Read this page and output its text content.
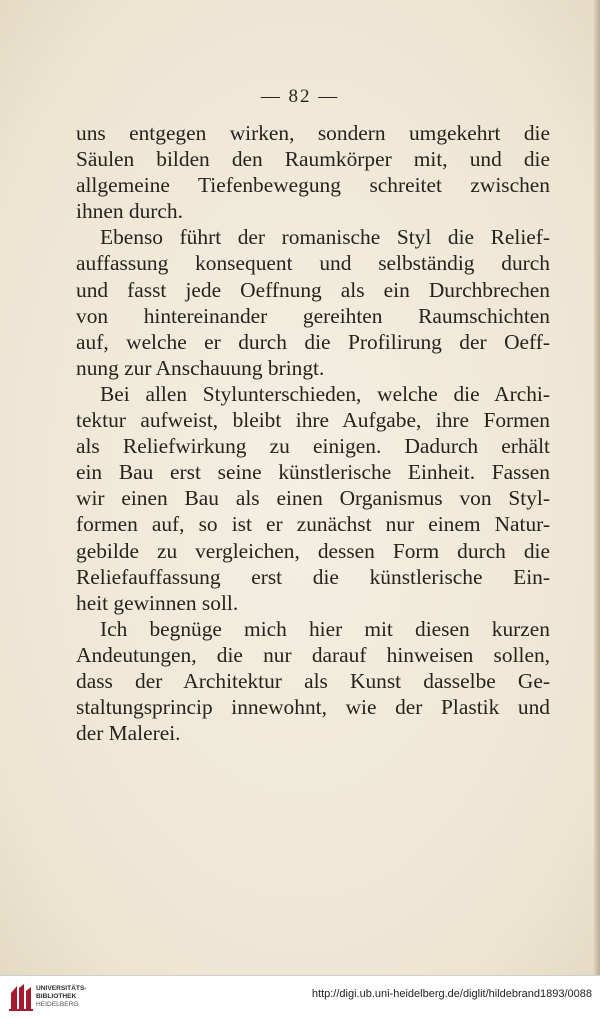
— 82 —

uns entgegen wirken, sondern umgekehrt die

Säulen bilden den Raumkörper mit, und die

allgemeine Tiefenbewegung schreitet zwischen

ihnen durch.

Ebenso führt der romanische Styl die Relief-

auffassung konsequent und selbständig durch

und fasst jede Oeffnung als ein Durchbrechen

von hintereinander gereihten Raumschichten

auf, welche er durch die Profilirung der Oeff-

nung zur Anschauung bringt.

Bei allen Stylunterschieden, welche die Archi-

tektur aufweist, bleibt ihre Aufgabe, ihre Formen

als Reliefwirkung zu einigen. Dadurch erhält

ein Bau erst seine künstlerische Einheit. Fassen

wir einen Bau als einen Organismus von Styl-

formen auf, so ist er zunächst nur einem Natur-

gebilde zu vergleichen, dessen Form durch die

Reliefauffassung erst die künstlerische Ein-

heit gewinnen soll.

Ich begnüge mich hier mit diesen kurzen

Andeutungen, die nur darauf hinweisen sollen,

dass der Architektur als Kunst dasselbe Ge-

staltungsprincip innewohnt, wie der Plastik und

der Malerei.

UNIVERSITÄTS-
BIBLIOTHEK
HEIDELBERG
http://digi.ub.uni-heidelberg.de/diglit/hildebrand1893/0088
